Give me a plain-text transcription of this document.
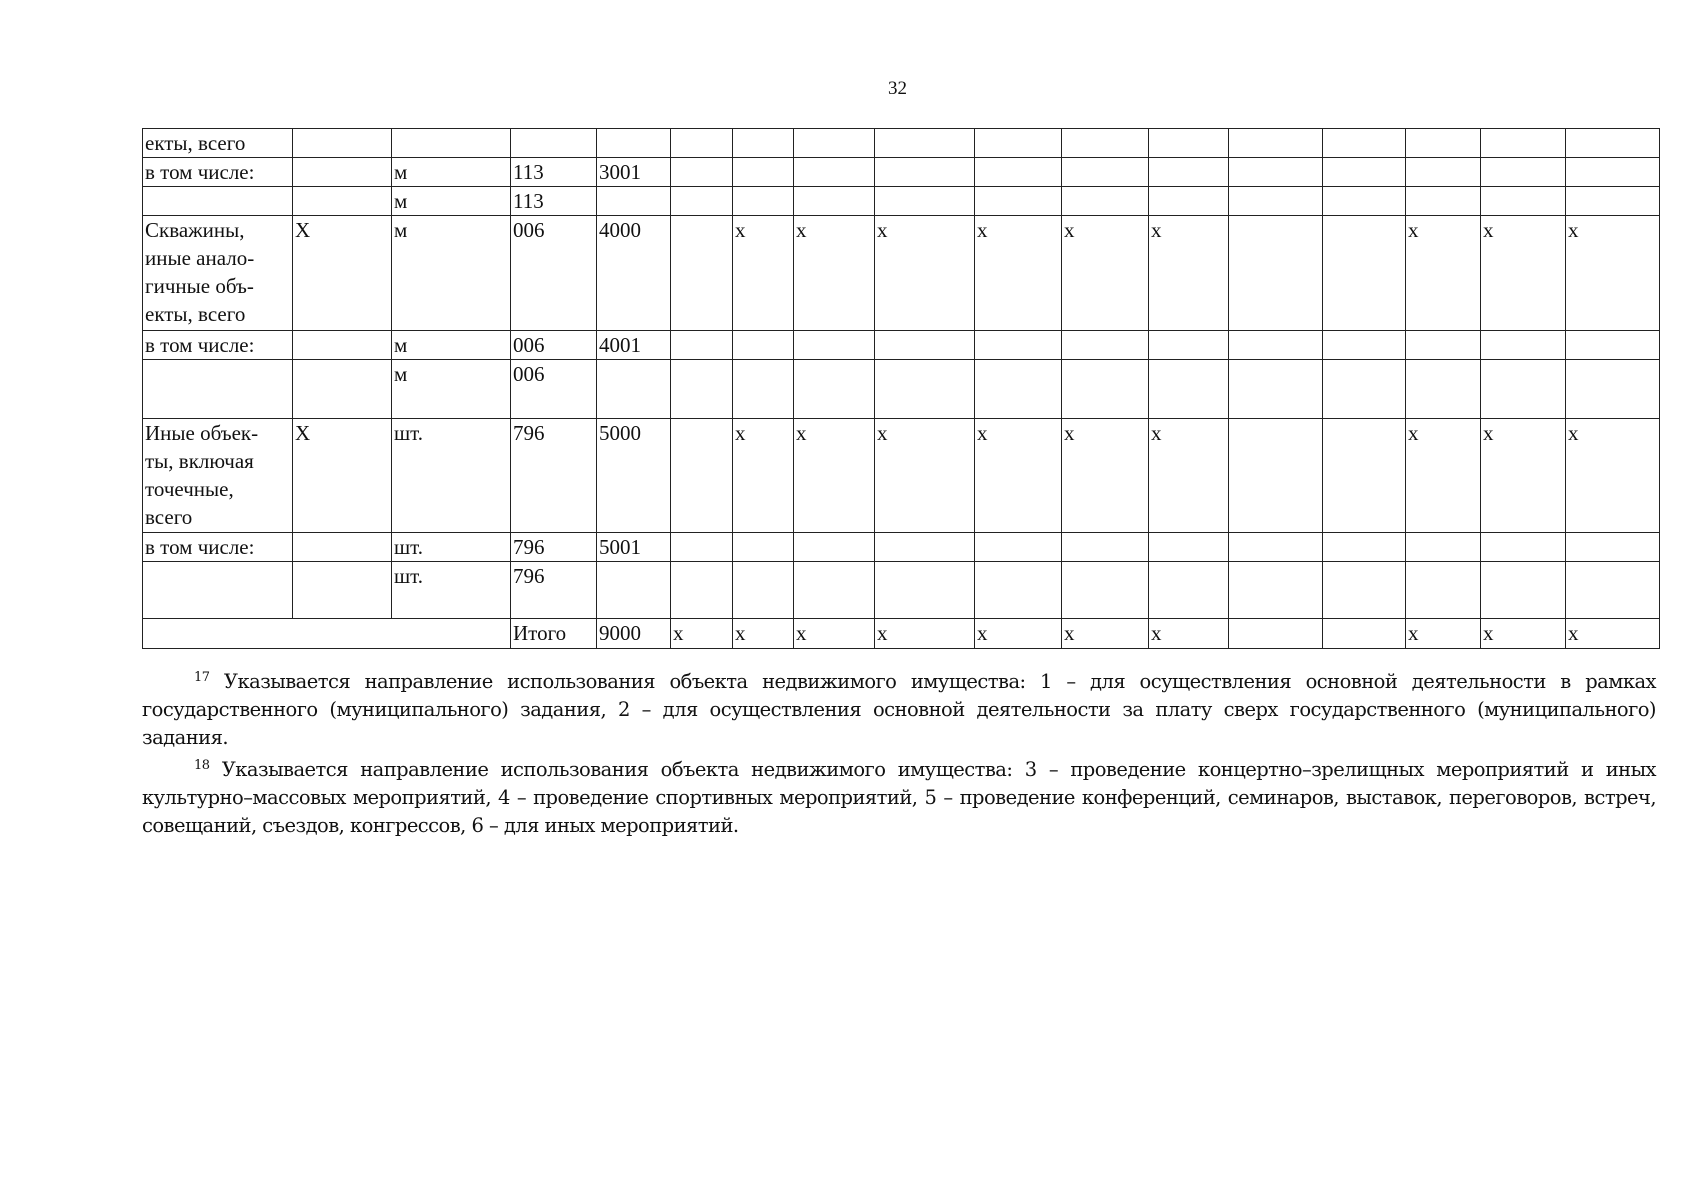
32
екты, всего																
в том числе:		м	113	3001												
		м	113													
Скважины,
иные анало-
гичные объ-
екты, всего	Х	м	006	4000		х	х	х	х	х	х			х	х	х
в том числе:		м	006	4001												
		м	006													
Иные объек-
ты, включая
точечные,
всего	Х	шт.	796	5000		х	х	х	х	х	х			х	х	х
в том числе:		шт.	796	5001												
		шт.	796													
			Итого	9000	х	х	х	х	х	х	х			х	х	х

$^{17}$ Указывается направление использования объекта недвижимого имущества: 1 – для осуществления основной деятельности в рамках государственного (муниципального) задания, 2 – для осуществления основной деятельности за плату сверх государственного (муниципального) задания.

$^{18}$ Указывается направление использования объекта недвижимого имущества: 3 – проведение концертно–зрелищных мероприятий и иных культурно–массовых мероприятий, 4 – проведение спортивных мероприятий, 5 – проведение конференций, семинаров, выставок, переговоров, встреч, совещаний, съездов, конгрессов, 6 – для иных мероприятий.
